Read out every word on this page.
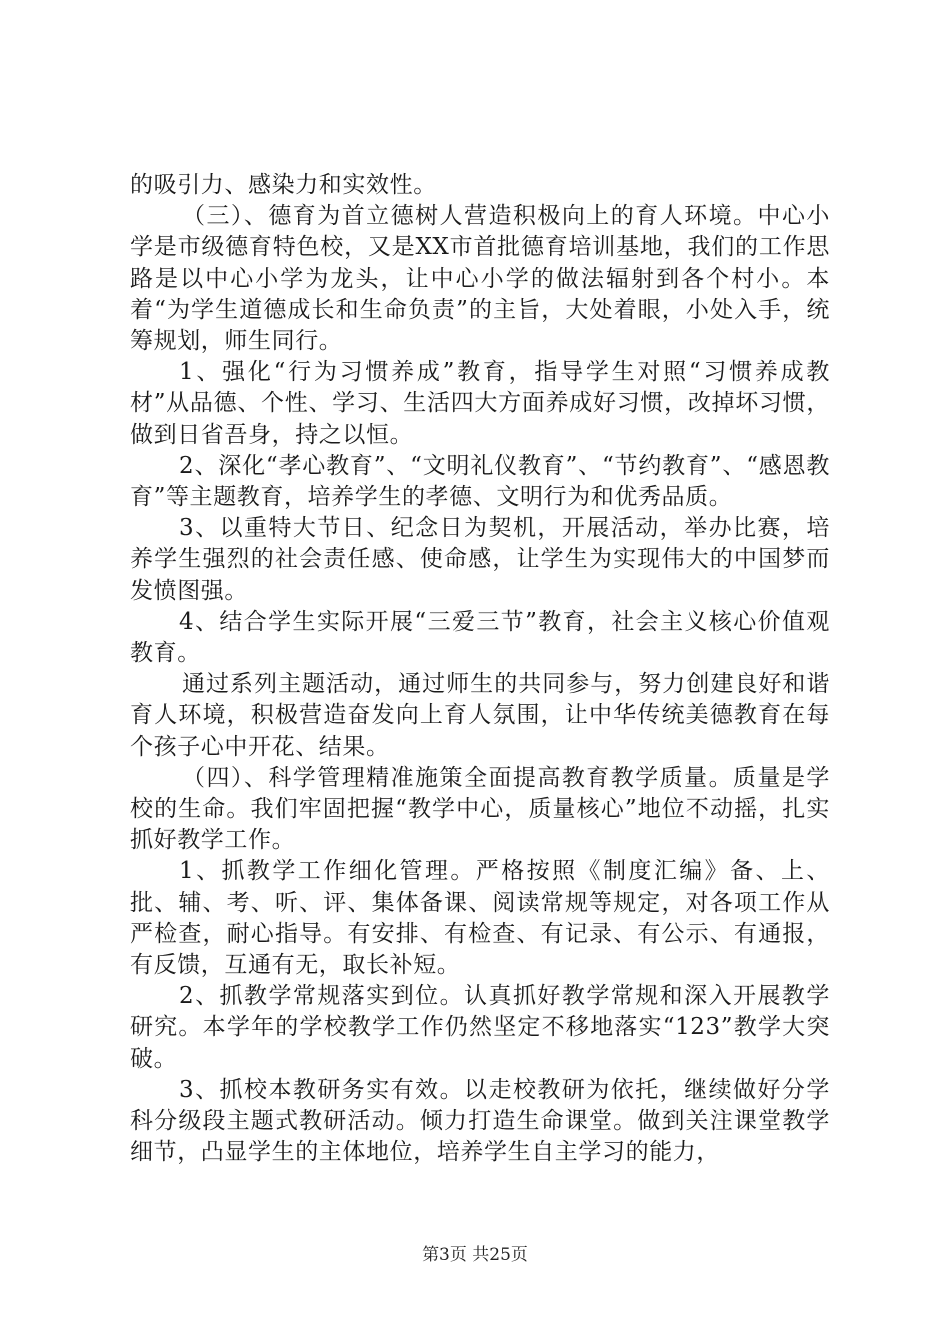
的吸引力、感染力和实效性。

（三）、德育为首立德树人营造积极向上的育人环境。中心小学是市级德育特色校，又是XX市首批德育培训基地，我们的工作思路是以中心小学为龙头，让中心小学的做法辐射到各个村小。本着“为学生道德成长和生命负责”的主旨，大处着眼，小处入手，统筹规划，师生同行。

1、强化“行为习惯养成”教育，指导学生对照“习惯养成教材”从品德、个性、学习、生活四大方面养成好习惯，改掉坏习惯，做到日省吾身，持之以恒。

2、深化“孝心教育”、“文明礼仪教育”、“节约教育”、“感恩教育”等主题教育，培养学生的孝德、文明行为和优秀品质。

3、以重特大节日、纪念日为契机，开展活动，举办比赛，培养学生强烈的社会责任感、使命感，让学生为实现伟大的中国梦而发愤图强。

4、结合学生实际开展“三爱三节”教育，社会主义核心价值观教育。

通过系列主题活动，通过师生的共同参与，努力创建良好和谐育人环境，积极营造奋发向上育人氛围，让中华传统美德教育在每个孩子心中开花、结果。

（四）、科学管理精准施策全面提高教育教学质量。质量是学校的生命。我们牢固把握“教学中心，质量核心”地位不动摇，扎实抓好教学工作。

1、抓教学工作细化管理。严格按照《制度汇编》备、上、批、辅、考、听、评、集体备课、阅读常规等规定，对各项工作从严检查，耐心指导。有安排、有检查、有记录、有公示、有通报，有反馈，互通有无，取长补短。

2、抓教学常规落实到位。认真抓好教学常规和深入开展教学研究。本学年的学校教学工作仍然坚定不移地落实“123”教学大突破。

3、抓校本教研务实有效。以走校教研为依托，继续做好分学科分级段主题式教研活动。倾力打造生命课堂。做到关注课堂教学细节，凸显学生的主体地位，培养学生自主学习的能力，

第3页 共25页
